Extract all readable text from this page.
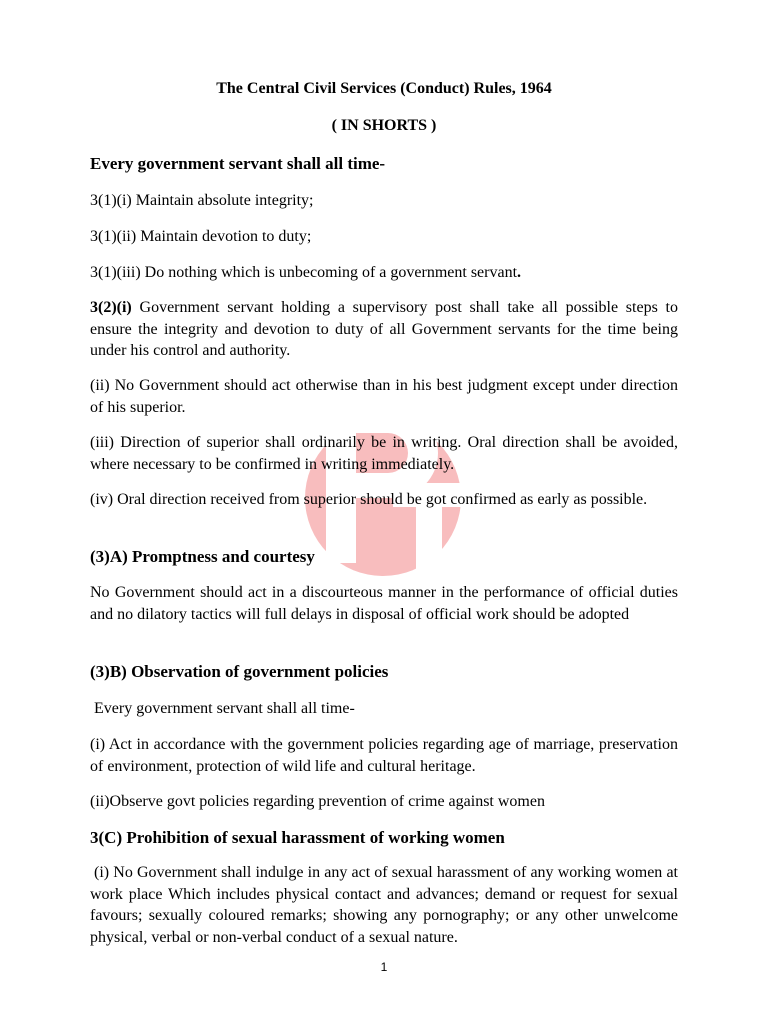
The Central Civil Services (Conduct) Rules, 1964
( IN SHORTS )

Every government servant shall all time-

3(1)(i) Maintain absolute integrity;

3(1)(ii) Maintain devotion to duty;

3(1)(iii) Do nothing which is unbecoming of a government servant.

3(2)(i) Government servant holding a supervisory post shall take all possible steps to ensure the integrity and devotion to duty of all Government servants for the time being under his control and authority.

(ii) No Government should act otherwise than in his best judgment except under direction of his superior.

(iii) Direction of superior shall ordinarily be in writing. Oral direction shall be avoided, where necessary to be confirmed in writing immediately.

(iv) Oral direction received from superior should be got confirmed as early as possible.

(3)A) Promptness and courtesy

No Government should act in a discourteous manner in the performance of official duties and no dilatory tactics will full delays in disposal of official work should be adopted

(3)B) Observation of government policies

Every government servant shall all time-

(i) Act in accordance with the government policies regarding age of marriage, preservation of environment, protection of wild life and cultural heritage.

(ii)Observe govt policies regarding prevention of crime against women

3(C) Prohibition of sexual harassment of working women

(i) No Government shall indulge in any act of sexual harassment of any working women at work place Which includes physical contact and advances; demand or request for sexual favours; sexually coloured remarks; showing any pornography; or any other unwelcome physical, verbal or non-verbal conduct of a sexual nature.

1
